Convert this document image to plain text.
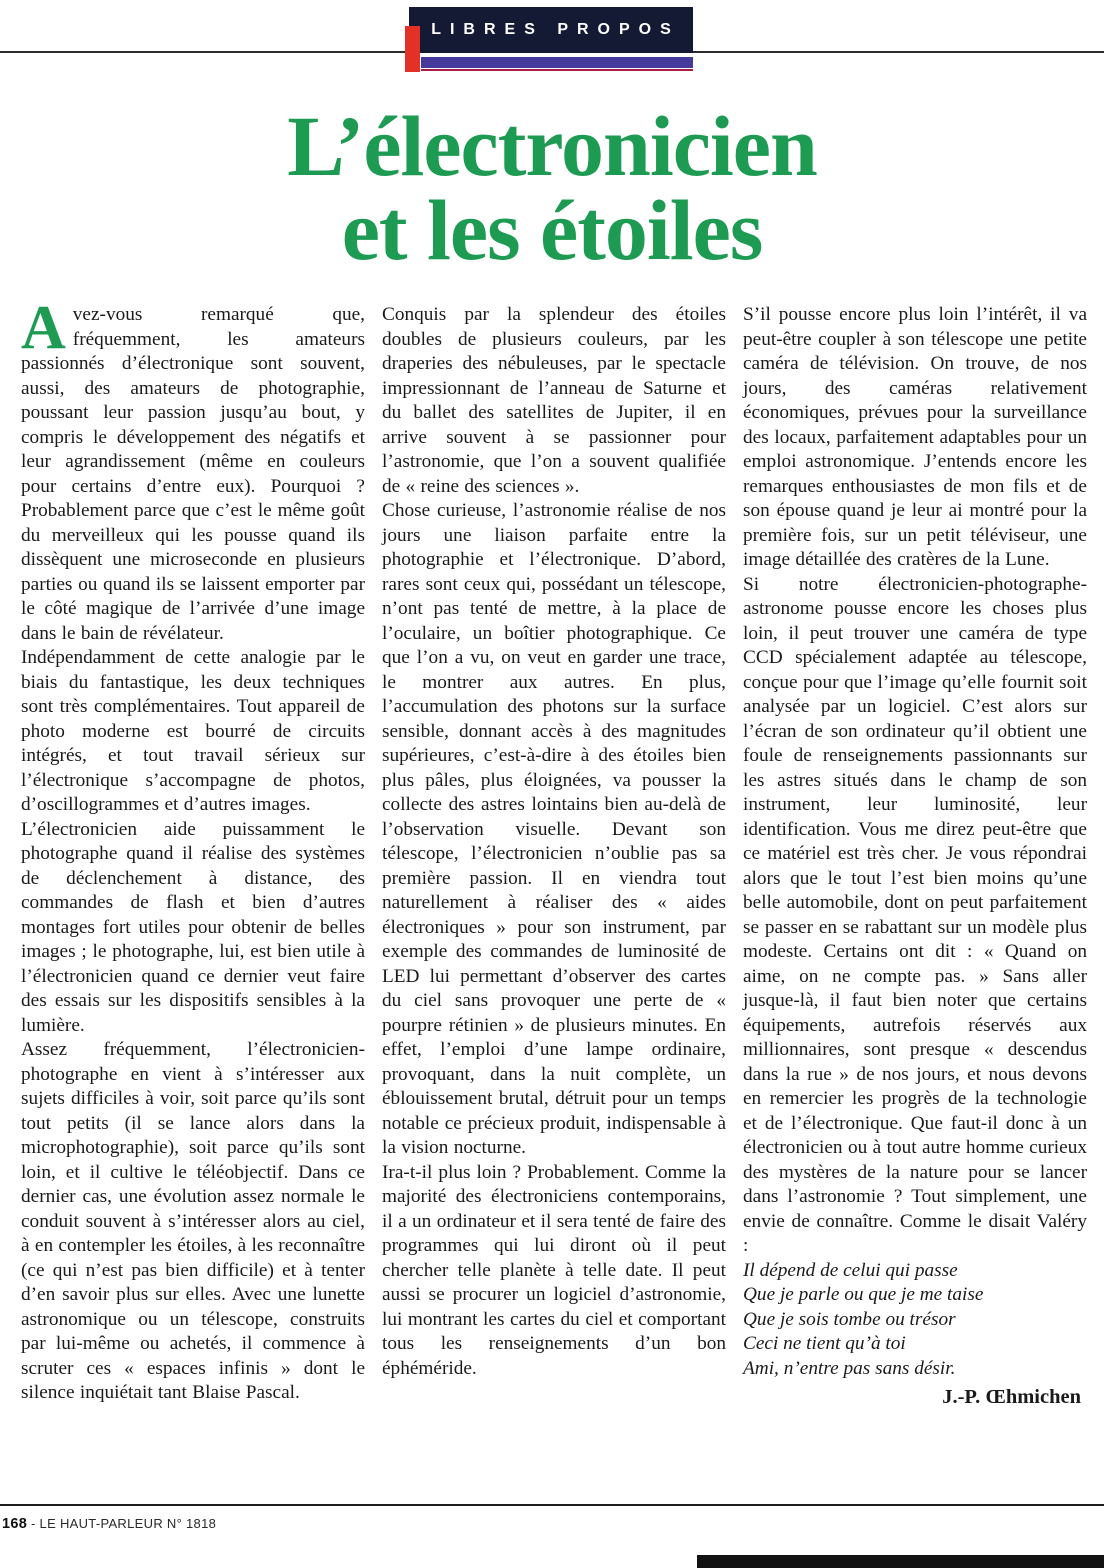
LIBRES PROPOS
L’électronicien
et les étoiles

Avez-vous remarqué que, fréquemment, les amateurs passionnés d’électronique sont souvent, aussi, des amateurs de photographie, poussant leur passion jusqu’au bout, y compris le développement des négatifs et leur agrandissement (même en couleurs pour certains d’entre eux). Pourquoi ? Probablement parce que c’est le même goût du merveilleux qui les pousse quand ils dissèquent une microseconde en plusieurs parties ou quand ils se laissent emporter par le côté magique de l’arrivée d’une image dans le bain de révélateur.

Indépendamment de cette analogie par le biais du fantastique, les deux techniques sont très complémentaires. Tout appareil de photo moderne est bourré de circuits intégrés, et tout travail sérieux sur l’électronique s’accompagne de photos, d’oscillogrammes et d’autres images.

L’électronicien aide puissamment le photographe quand il réalise des systèmes de déclenchement à distance, des commandes de flash et bien d’autres montages fort utiles pour obtenir de belles images ; le photographe, lui, est bien utile à l’électronicien quand ce dernier veut faire des essais sur les dispositifs sensibles à la lumière.

Assez fréquemment, l’électronicien-photographe en vient à s’intéresser aux sujets difficiles à voir, soit parce qu’ils sont tout petits (il se lance alors dans la microphotographie), soit parce qu’ils sont loin, et il cultive le téléobjectif. Dans ce dernier cas, une évolution assez normale le conduit souvent à s’intéresser alors au ciel, à en contempler les étoiles, à les reconnaître (ce qui n’est pas bien difficile) et à tenter d’en savoir plus sur elles. Avec une lunette astronomique ou un télescope, construits par lui-même ou achetés, il commence à scruter ces « espaces infinis » dont le silence inquiétait tant Blaise Pascal.

Conquis par la splendeur des étoiles doubles de plusieurs couleurs, par les draperies des nébuleuses, par le spectacle impressionnant de l’anneau de Saturne et du ballet des satellites de Jupiter, il en arrive souvent à se passionner pour l’astronomie, que l’on a souvent qualifiée de « reine des sciences ».

Chose curieuse, l’astronomie réalise de nos jours une liaison parfaite entre la photographie et l’électronique. D’abord, rares sont ceux qui, possédant un télescope, n’ont pas tenté de mettre, à la place de l’oculaire, un boîtier photographique. Ce que l’on a vu, on veut en garder une trace, le montrer aux autres. En plus, l’accumulation des photons sur la surface sensible, donnant accès à des magnitudes supérieures, c’est-à-dire à des étoiles bien plus pâles, plus éloignées, va pousser la collecte des astres lointains bien au-delà de l’observation visuelle. Devant son télescope, l’électronicien n’oublie pas sa première passion. Il en viendra tout naturellement à réaliser des « aides électroniques » pour son instrument, par exemple des commandes de luminosité de LED lui permettant d’observer des cartes du ciel sans provoquer une perte de « pourpre rétinien » de plusieurs minutes. En effet, l’emploi d’une lampe ordinaire, provoquant, dans la nuit complète, un éblouissement brutal, détruit pour un temps notable ce précieux produit, indispensable à la vision nocturne.

Ira-t-il plus loin ? Probablement. Comme la majorité des électroniciens contemporains, il a un ordinateur et il sera tenté de faire des programmes qui lui diront où il peut chercher telle planète à telle date. Il peut aussi se procurer un logiciel d’astronomie, lui montrant les cartes du ciel et comportant tous les renseignements d’un bon éphéméride.

S’il pousse encore plus loin l’intérêt, il va peut-être coupler à son télescope une petite caméra de télévision. On trouve, de nos jours, des caméras relativement économiques, prévues pour la surveillance des locaux, parfaitement adaptables pour un emploi astronomique. J’entends encore les remarques enthousiastes de mon fils et de son épouse quand je leur ai montré pour la première fois, sur un petit téléviseur, une image détaillée des cratères de la Lune.

Si notre électronicien-photographe-astronome pousse encore les choses plus loin, il peut trouver une caméra de type CCD spécialement adaptée au télescope, conçue pour que l’image qu’elle fournit soit analysée par un logiciel. C’est alors sur l’écran de son ordinateur qu’il obtient une foule de renseignements passionnants sur les astres situés dans le champ de son instrument, leur luminosité, leur identification. Vous me direz peut-être que ce matériel est très cher. Je vous répondrai alors que le tout l’est bien moins qu’une belle automobile, dont on peut parfaitement se passer en se rabattant sur un modèle plus modeste. Certains ont dit : « Quand on aime, on ne compte pas. » Sans aller jusque-là, il faut bien noter que certains équipements, autrefois réservés aux millionnaires, sont presque « descendus dans la rue » de nos jours, et nous devons en remercier les progrès de la technologie et de l’électronique. Que faut-il donc à un électronicien ou à tout autre homme curieux des mystères de la nature pour se lancer dans l’astronomie ? Tout simplement, une envie de connaître. Comme le disait Valéry :

Il dépend de celui qui passe
Que je parle ou que je me taise
Que je sois tombe ou trésor
Ceci ne tient qu’à toi
Ami, n’entre pas sans désir.
J.-P. Œhmichen
168 - LE HAUT-PARLEUR N° 1818
